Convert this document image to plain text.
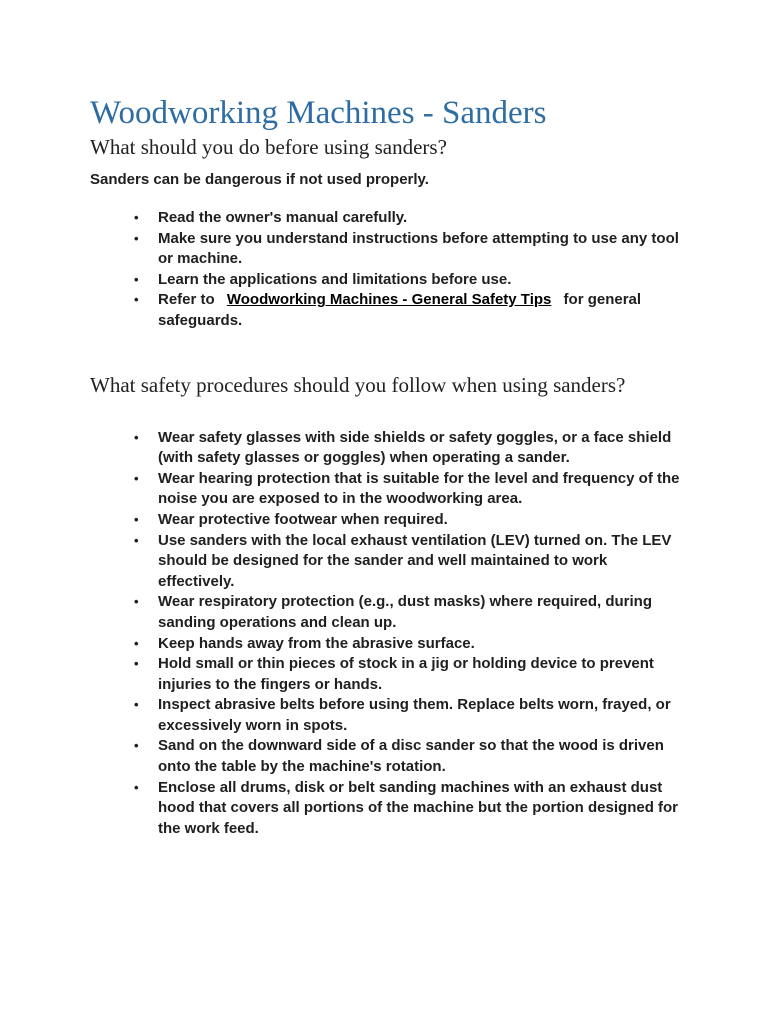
Woodworking Machines - Sanders
What should you do before using sanders?

Sanders can be dangerous if not used properly.

• Read the owner's manual carefully.
• Make sure you understand instructions before attempting to use any tool or machine.
• Learn the applications and limitations before use.
• Refer to Woodworking Machines - General Safety Tips for general safeguards.
What safety procedures should you follow when using sanders?
• Wear safety glasses with side shields or safety goggles, or a face shield (with safety glasses or goggles) when operating a sander.
• Wear hearing protection that is suitable for the level and frequency of the noise you are exposed to in the woodworking area.
• Wear protective footwear when required.
• Use sanders with the local exhaust ventilation (LEV) turned on. The LEV should be designed for the sander and well maintained to work effectively.
• Wear respiratory protection (e.g., dust masks) where required, during sanding operations and clean up.
• Keep hands away from the abrasive surface.
• Hold small or thin pieces of stock in a jig or holding device to prevent injuries to the fingers or hands.
• Inspect abrasive belts before using them. Replace belts worn, frayed, or excessively worn in spots.
• Sand on the downward side of a disc sander so that the wood is driven onto the table by the machine's rotation.
• Enclose all drums, disk or belt sanding machines with an exhaust dust hood that covers all portions of the machine but the portion designed for the work feed.
